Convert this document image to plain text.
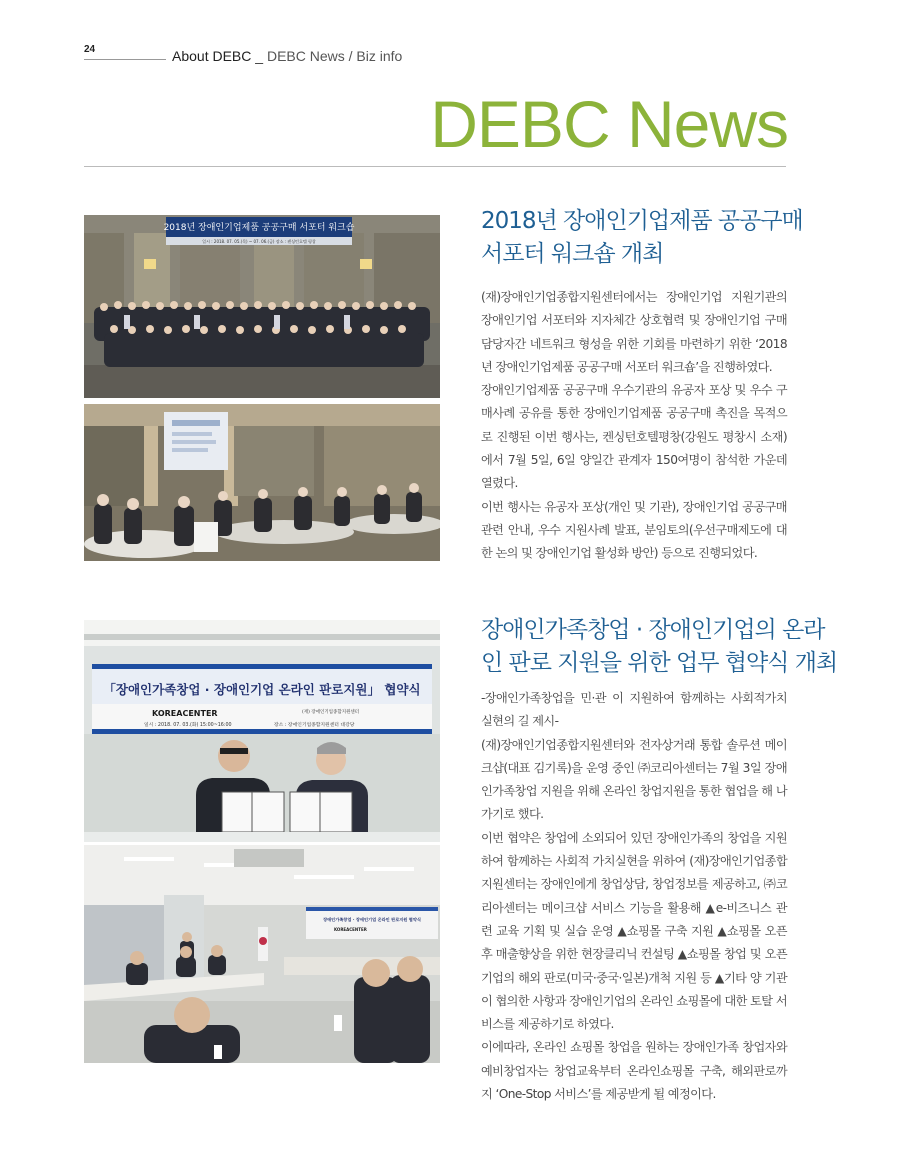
24	About DEBC _ DEBC News / Biz info
DEBC News
2018년 장애인기업제품 공공구매 서포터 워크숍
일시 : 2018. 07. 05.(목) ~ 07. 06.(금) 장소 : 켄싱턴호텔 평창
2018년 장애인기업제품 공공구매
서포터 워크숍 개최

(재)장애인기업종합지원센터에서는 장애인기업 지원기관의 장애인기업 서포터와 지자체간 상호협력 및 장애인기업 구매 담당자간 네트워크 형성을 위한 기회를 마련하기 위한 ‘2018년 장애인기업제품 공공구매 서포터 워크숍’을 진행하였다.

장애인기업제품 공공구매 우수기관의 유공자 포상 및 우수 구매사례 공유를 통한 장애인기업제품 공공구매 촉진을 목적으로 진행된 이번 행사는, 켄싱턴호텔평창(강원도 평창시 소재)에서 7월 5일, 6일 양일간 관계자 150여명이 참석한 가운데 열렸다.

이번 행사는 유공자 포상(개인 및 기관), 장애인기업 공공구매 관련 안내, 우수 지원사례 발표, 분임토의(우선구매제도에 대한 논의 및 장애인기업 활성화 방안) 등으로 진행되었다.

「장애인가족창업 · 장애인기업 온라인 판로지원」 협약식
KOREACENTER	(재) 장애인기업종합지원센터
일시 : 2018. 07. 03.(화) 15:00~16:00	장소 : 장애인기업종합지원센터 대강당
장애인가족창업 · 장애인기업 온라인 판로지원 협약식
KOREACENTER
장애인가족창업 · 장애인기업의 온라
인 판로 지원을 위한 업무 협약식 개최

-장애인가족창업을 민·관 이 지원하여 함께하는 사회적가치 실현의 길 제시-

(재)장애인기업종합지원센터와 전자상거래 통합 솔루션 메이크샵(대표 김기록)을 운영 중인 ㈜코리아센터는 7월 3일 장애인가족창업 지원을 위해 온라인 창업지원을 통한 협업을 해 나가기로 했다.

이번 협약은 창업에 소외되어 있던 장애인가족의 창업을 지원하여 함께하는 사회적 가치실현을 위하여 (재)장애인기업종합지원센터는 장애인에게 창업상담, 창업정보를 제공하고, ㈜코리아센터는 메이크샵 서비스 기능을 활용해 ▲e-비즈니스 관련 교육 기획 및 실습 운영 ▲쇼핑몰 구축 지원 ▲쇼핑몰 오픈 후 매출향상을 위한 현장클리닉 컨설팅 ▲쇼핑몰 창업 및 오픈기업의 해외 판로(미국·중국·일본)개척 지원 등 ▲기타 양 기관이 협의한 사항과 장애인기업의 온라인 쇼핑몰에 대한 토탈 서비스를 제공하기로 하였다.

이에따라, 온라인 쇼핑몰 창업을 원하는 장애인가족 창업자와 예비창업자는 창업교육부터 온라인쇼핑몰 구축, 해외판로까지 ‘One-Stop 서비스’를 제공받게 될 예정이다.
